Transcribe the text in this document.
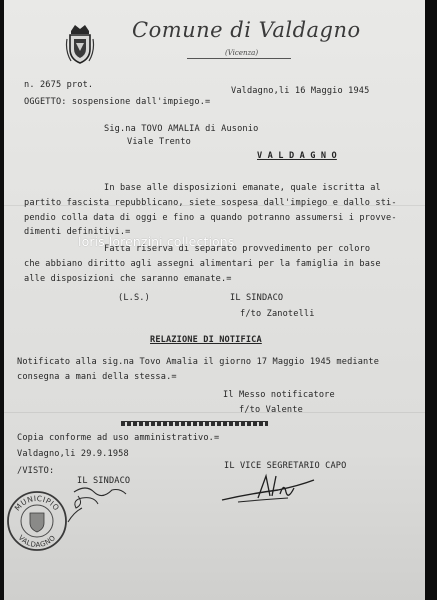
Comune di Valdagno
(Vicenza)
n. 2675 prot.
Valdagno,li 16 Maggio 1945
OGGETTO: sospensione dall'impiego.=
Sig.na TOVO AMALIA di Ausonio
Viale Trento
V A L D A G N O
In base alle disposizioni emanate, quale iscritta al
partito fascista repubblicano, siete sospesa dall'impiego e dallo sti-
pendio colla data di oggi e fino a quando potranno assumersi i provve-
dimenti definitivi.=
Fatta riserva di separato provvedimento per coloro
che abbiano diritto agli assegni alimentari per la famiglia in base
alle disposizioni che saranno emanate.=
loris lorenzini collections
(L.S.)	IL SINDACO
f/to Zanotelli
RELAZIONE DI NOTIFICA
Notificato alla sig.na Tovo Amalia il giorno 17 Maggio 1945 mediante
consegna a mani della stessa.=
Il Messo notificatore
f/to Valente
Copia conforme ad uso amministrativo.=
Valdagno,li 29.9.1958
/VISTO:
IL SINDACO
IL VICE SEGRETARIO CAPO
MUNICIPIO
VALDAGNO
